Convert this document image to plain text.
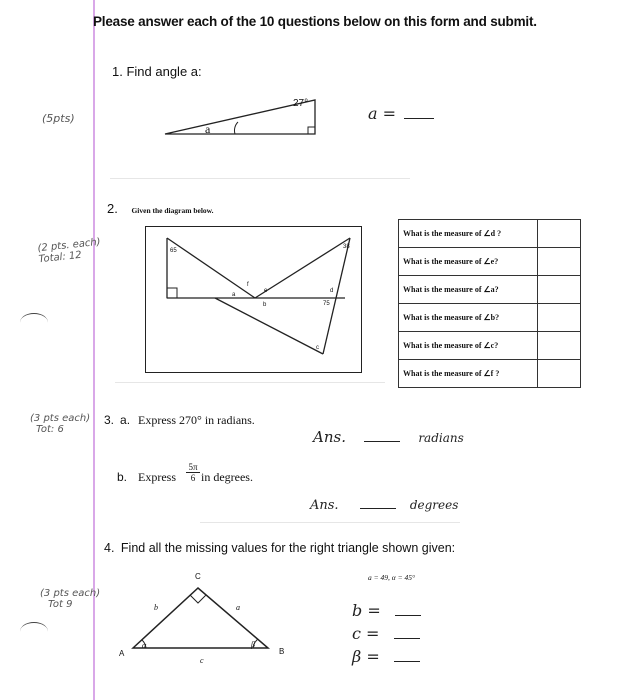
Please answer each of the 10 questions below on this form and submit.
1. Find angle a:
(5pts)
27°
a
a =
2. Given the diagram below.
(2 pts. each)
Total: 12	65
38
75
a
b
c
d
e
f
What is the measure of ∠d ?	
What is the measure of ∠e?	
What is the measure of ∠a?	
What is the measure of ∠b?	
What is the measure of ∠c?	
What is the measure of ∠f ?	
(3 pts each)
Tot: 6
3. a. Express 270° in radians.
Ans.	radians
b. Express $\frac{5\pi}{6}$ in degrees.
Ans.	degrees
4. Find all the missing values for the right triangle shown given:
(3 pts each)
Tot 9
C
A	B
b	a
c
α	β
a = 49, α = 45°
b =
c =
β =
